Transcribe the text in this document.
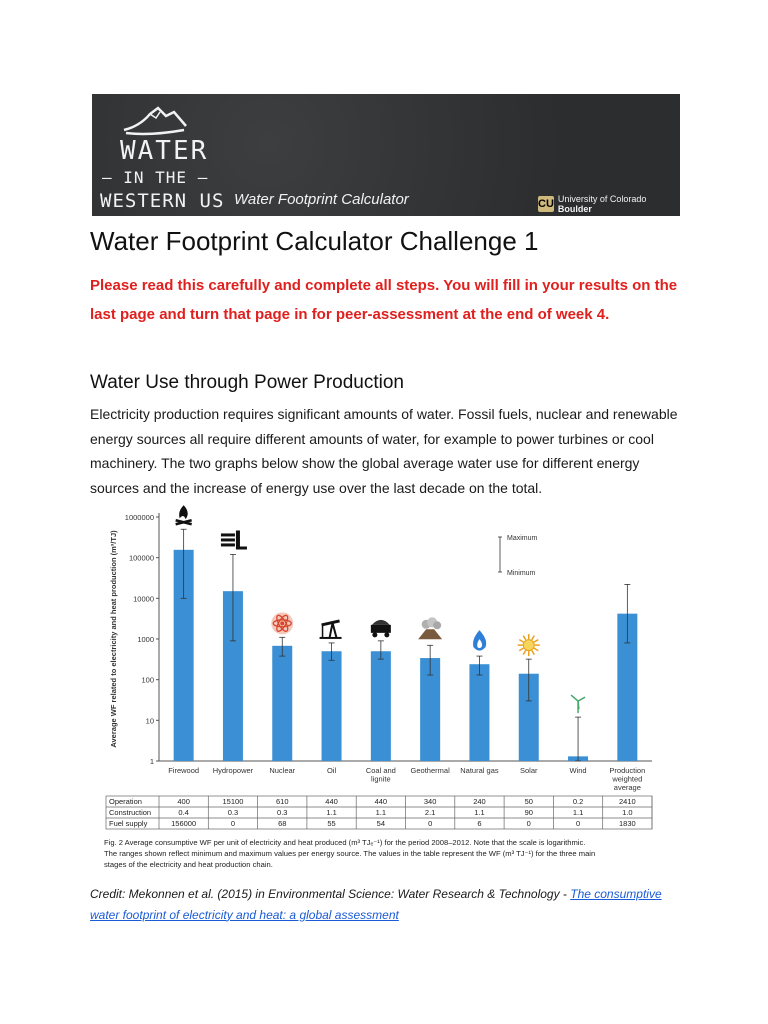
WATER
— IN THE —
WESTERN US Water Footprint Calculator	CU University of Colorado Boulder
Water Footprint Calculator Challenge 1

Please read this carefully and complete all steps. You will fill in your results on the last page and turn that page in for peer-assessment at the end of week 4.

Water Use through Power Production

Electricity production requires significant amounts of water. Fossil fuels, nuclear and renewable energy sources all require different amounts of water, for example to power turbines or cool machinery. The two graphs below show the global average water use for different energy sources and the increase of energy use over the last decade on the total.

1
10
100
1000
10000
100000
1000000
Average WF related to electricity and heat production (m³/TJ)
Firewood Hydropower Nuclear	Oil	Coal and
lignite
Geothermal Natural gas	Solar	Wind	Production
weighted
average
Maximum
Minimum
Operation	400	15100	610	440	440	340	240	50	0.2	2410
Construction	0.4	0.3	0.3	1.1	1.1	2.1	1.1	90	1.1	1.0
Fuel supply	156000	0	68	55	54	0	6	0	0	1830
Fig. 2 Average consumptive WF per unit of electricity and heat produced (m³ TJₑ⁻¹) for the period 2008–2012. Note that the scale is logarithmic.
The ranges shown reflect minimum and maximum values per energy source. The values in the table represent the WF (m³ TJ⁻¹) for the three main
stages of the electricity and heat production chain.
Credit: Mekonnen et al. (2015) in Environmental Science: Water Research & Technology - The consumptive water footprint of electricity and heat: a global assessment
